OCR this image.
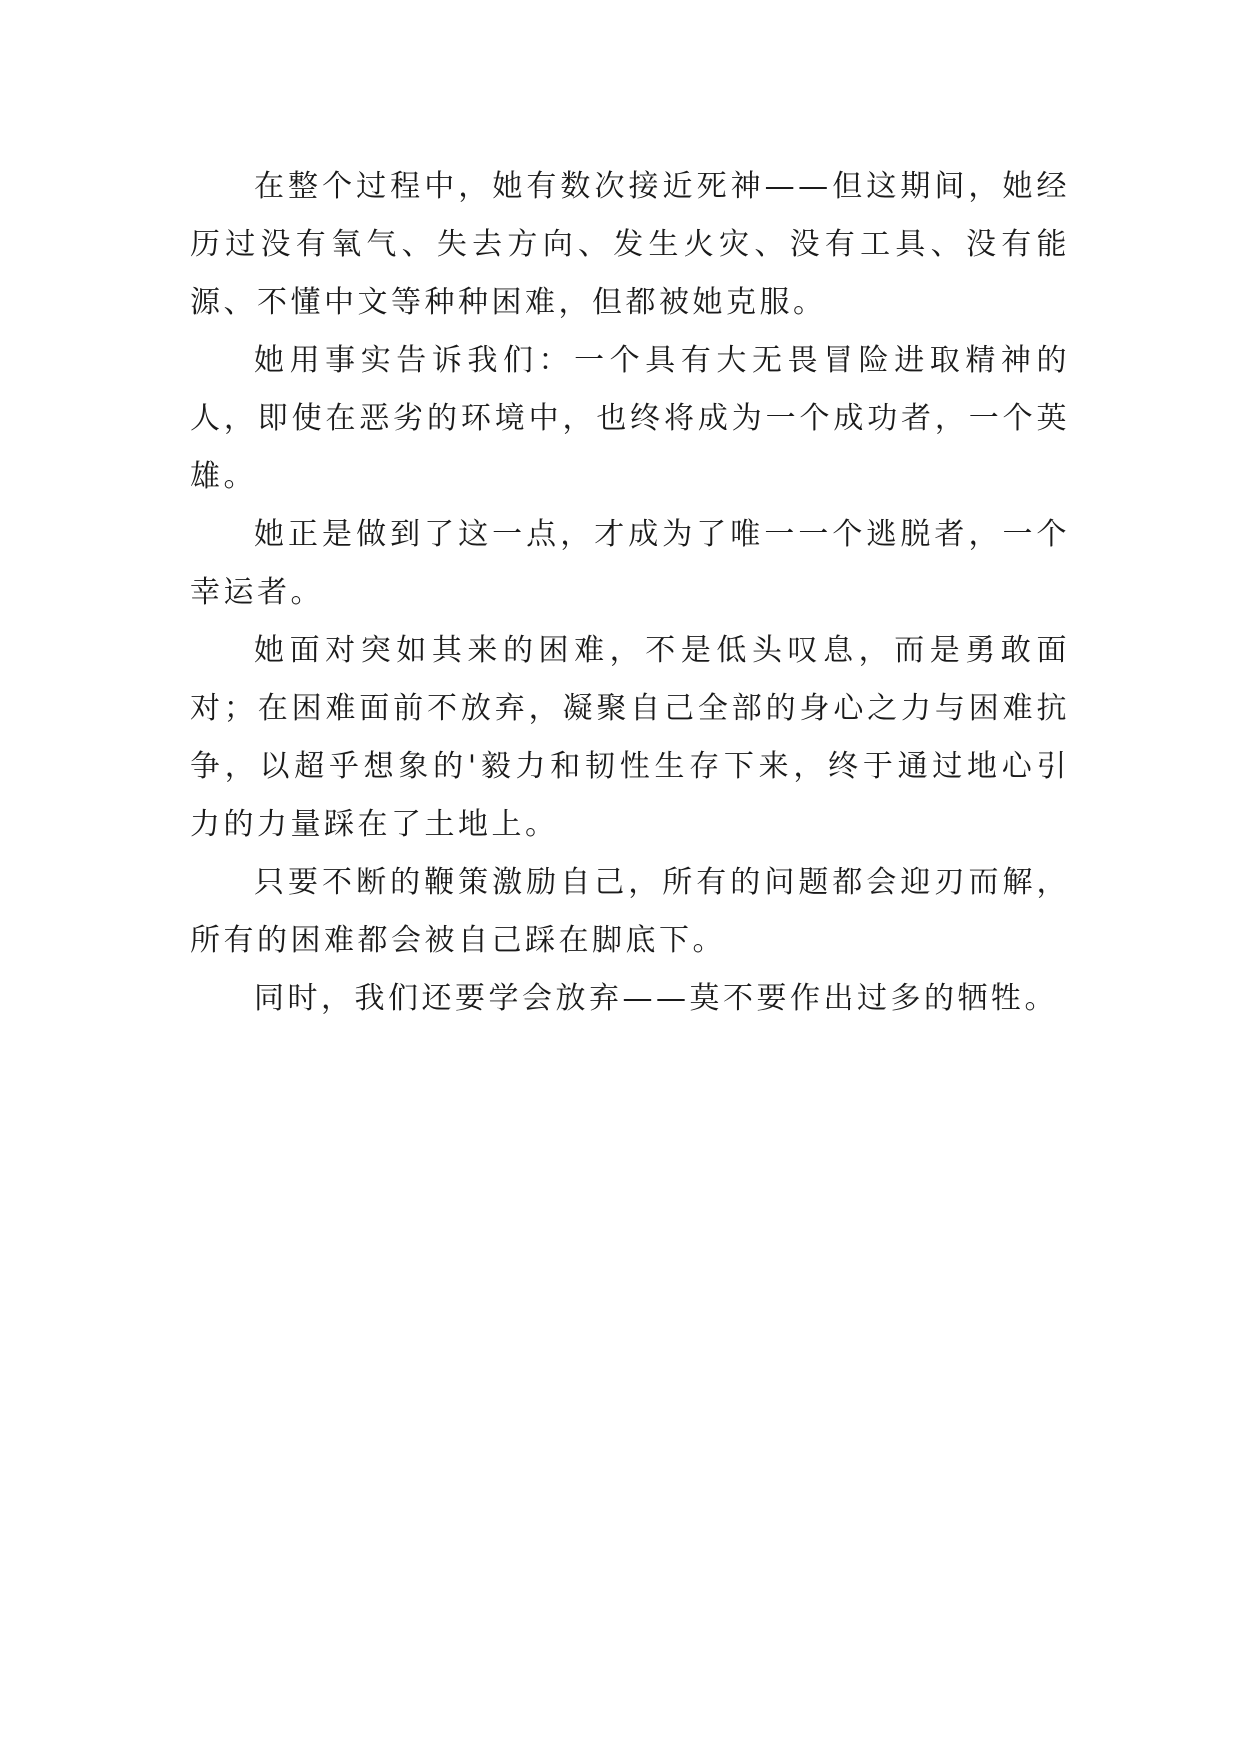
在整个过程中，她有数次接近死神——但这期间，她经历过没有氧气、失去方向、发生火灾、没有工具、没有能源、不懂中文等种种困难，但都被她克服。

她用事实告诉我们：一个具有大无畏冒险进取精神的人，即使在恶劣的环境中，也终将成为一个成功者，一个英雄。

她正是做到了这一点，才成为了唯一一个逃脱者，一个幸运者。

她面对突如其来的困难，不是低头叹息，而是勇敢面对；在困难面前不放弃，凝聚自己全部的身心之力与困难抗争，以超乎想象的'毅力和韧性生存下来，终于通过地心引力的力量踩在了土地上。

只要不断的鞭策激励自己，所有的问题都会迎刃而解，所有的困难都会被自己踩在脚底下。

同时，我们还要学会放弃——莫不要作出过多的牺牲。
